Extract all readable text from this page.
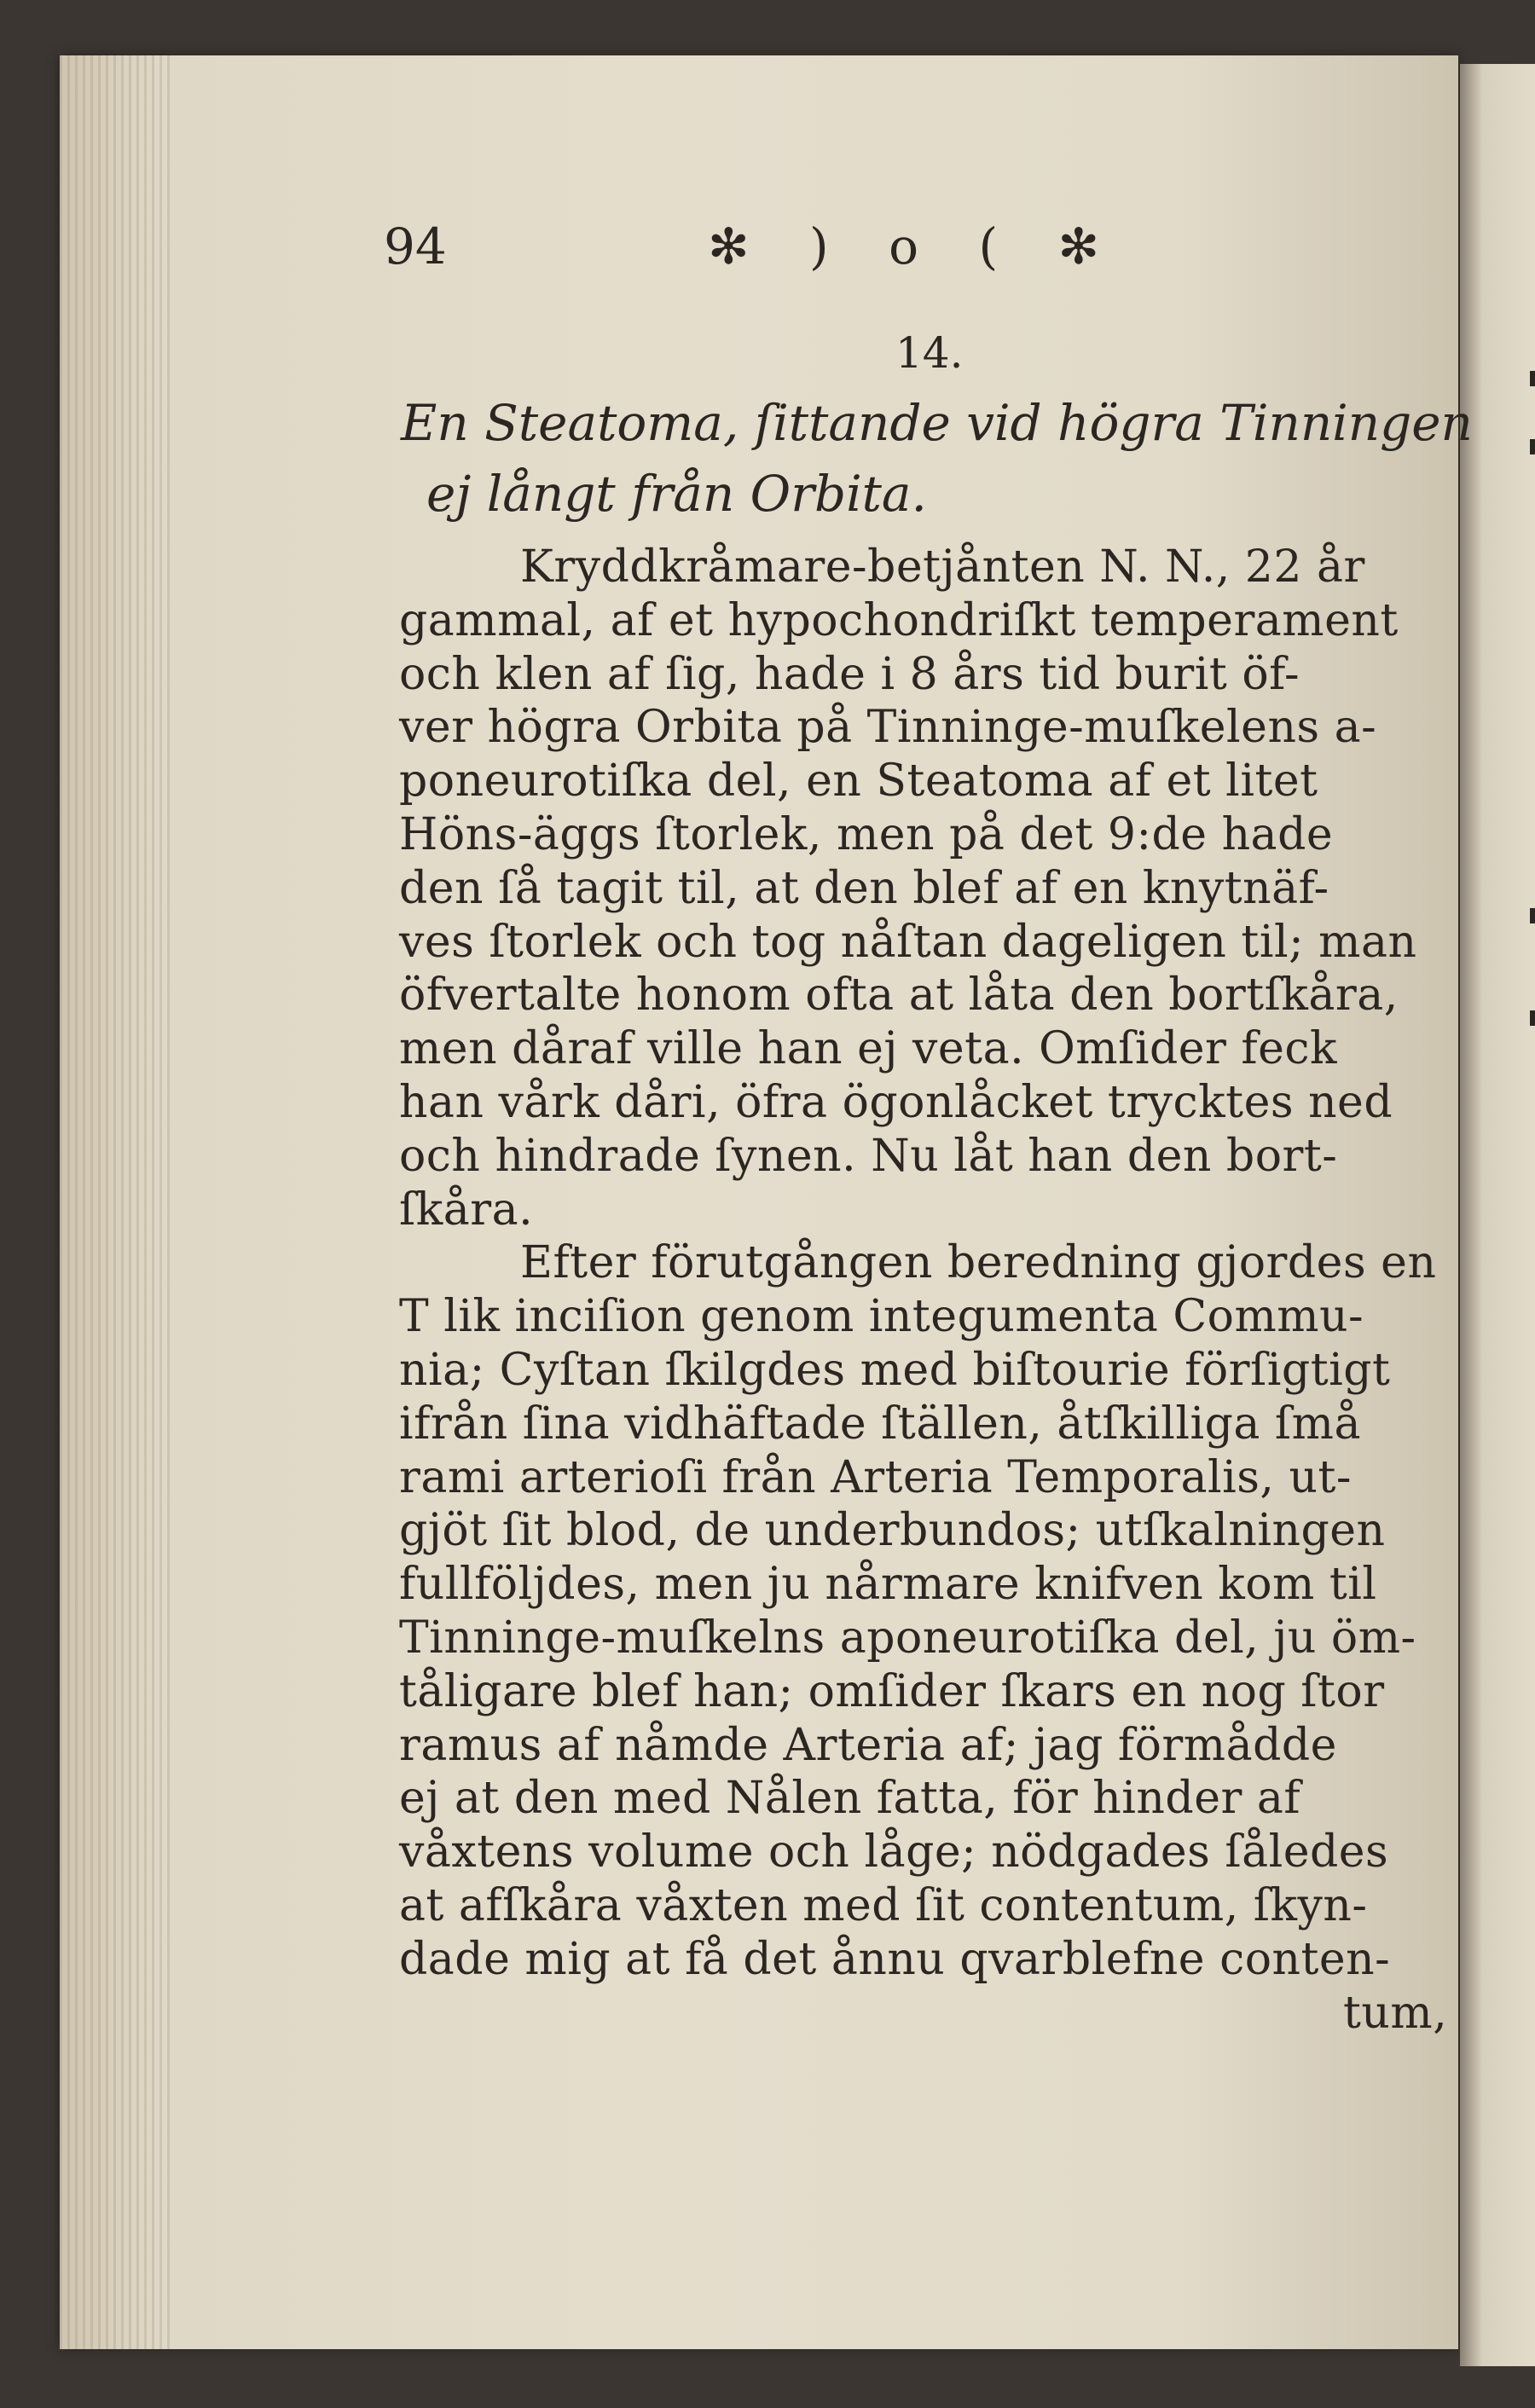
94	✻ ) o ( ✻
14.
En Steatoma, ſittande vid högra Tinningen
ej långt från Orbita.
Kryddkråmare-betjånten N. N., 22 år
gammal, af et hypochondriſkt temperament
och klen af ſig, hade i 8 års tid burit öf-
ver högra Orbita på Tinninge-muſkelens a-
poneurotiſka del, en Steatoma af et litet
Höns-äggs ſtorlek, men på det 9:de hade
den ſå tagit til, at den blef af en knytnäf-
ves ſtorlek och tog nåſtan dageligen til; man
öfvertalte honom ofta at låta den bortſkåra,
men dåraf ville han ej veta. Omſider feck
han vårk dåri, öfra ögonlåcket trycktes ned
och hindrade ſynen. Nu låt han den bort-
ſkåra.
Efter förutgången beredning gjordes en
T lik inciſion genom integumenta Commu-
nia; Cyſtan ſkilgdes med biſtourie förſigtigt
ifrån ſina vidhäftade ſtällen, åtſkilliga ſmå
rami arterioſi från Arteria Temporalis, ut-
gjöt ſit blod, de underbundos; utſkalningen
fullföljdes, men ju nårmare knifven kom til
Tinninge-muſkelns aponeurotiſka del, ju öm-
tåligare blef han; omſider ſkars en nog ſtor
ramus af nåmde Arteria af; jag förmådde
ej at den med Nålen fatta, för hinder af
våxtens volume och låge; nödgades ſåledes
at afſkåra våxten med ſit contentum, ſkyn-
dade mig at få det ånnu qvarblefne conten-
tum,
